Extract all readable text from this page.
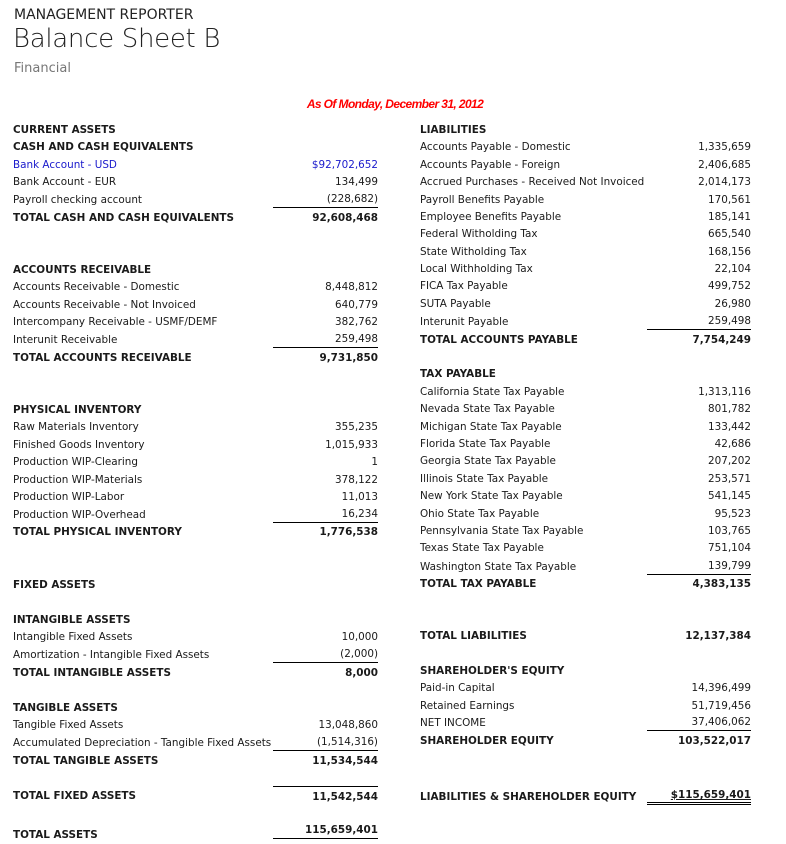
MANAGEMENT REPORTER
Balance Sheet B
Financial
As Of Monday, December 31, 2012
CURRENT ASSETS
CASH AND CASH EQUIVALENTS
Bank Account - USD	$92,702,652
Bank Account - EUR	134,499
Payroll checking account	(228,682)
TOTAL CASH AND CASH EQUIVALENTS	92,608,468
ACCOUNTS RECEIVABLE
Accounts Receivable - Domestic	8,448,812
Accounts Receivable - Not Invoiced	640,779
Intercompany Receivable - USMF/DEMF	382,762
Interunit Receivable	259,498
TOTAL ACCOUNTS RECEIVABLE	9,731,850
PHYSICAL INVENTORY
Raw Materials Inventory	355,235
Finished Goods Inventory	1,015,933
Production WIP-Clearing	1
Production WIP-Materials	378,122
Production WIP-Labor	11,013
Production WIP-Overhead	16,234
TOTAL PHYSICAL INVENTORY	1,776,538
FIXED ASSETS
INTANGIBLE ASSETS
Intangible Fixed Assets	10,000
Amortization - Intangible Fixed Assets	(2,000)
TOTAL INTANGIBLE ASSETS	8,000
TANGIBLE ASSETS
Tangible Fixed Assets	13,048,860
Accumulated Depreciation - Tangible Fixed Assets	(1,514,316)
TOTAL TANGIBLE ASSETS	11,534,544
TOTAL FIXED ASSETS	11,542,544
TOTAL ASSETS	115,659,401
LIABILITIES
Accounts Payable - Domestic	1,335,659
Accounts Payable - Foreign	2,406,685
Accrued Purchases - Received Not Invoiced	2,014,173
Payroll Benefits Payable	170,561
Employee Benefits Payable	185,141
Federal Witholding Tax	665,540
State Witholding Tax	168,156
Local Withholding Tax	22,104
FICA Tax Payable	499,752
SUTA Payable	26,980
Interunit Payable	259,498
TOTAL ACCOUNTS PAYABLE	7,754,249
TAX PAYABLE
California State Tax Payable	1,313,116
Nevada State Tax Payable	801,782
Michigan State Tax Payable	133,442
Florida State Tax Payable	42,686
Georgia State Tax Payable	207,202
Illinois State Tax Payable	253,571
New York State Tax Payable	541,145
Ohio State Tax Payable	95,523
Pennsylvania State Tax Payable	103,765
Texas State Tax Payable	751,104
Washington State Tax Payable	139,799
TOTAL TAX PAYABLE	4,383,135
TOTAL LIABILITIES	12,137,384
SHAREHOLDER'S EQUITY
Paid-in Capital	14,396,499
Retained Earnings	51,719,456
NET INCOME	37,406,062
SHAREHOLDER EQUITY	103,522,017
LIABILITIES & SHAREHOLDER EQUITY	$115,659,401
